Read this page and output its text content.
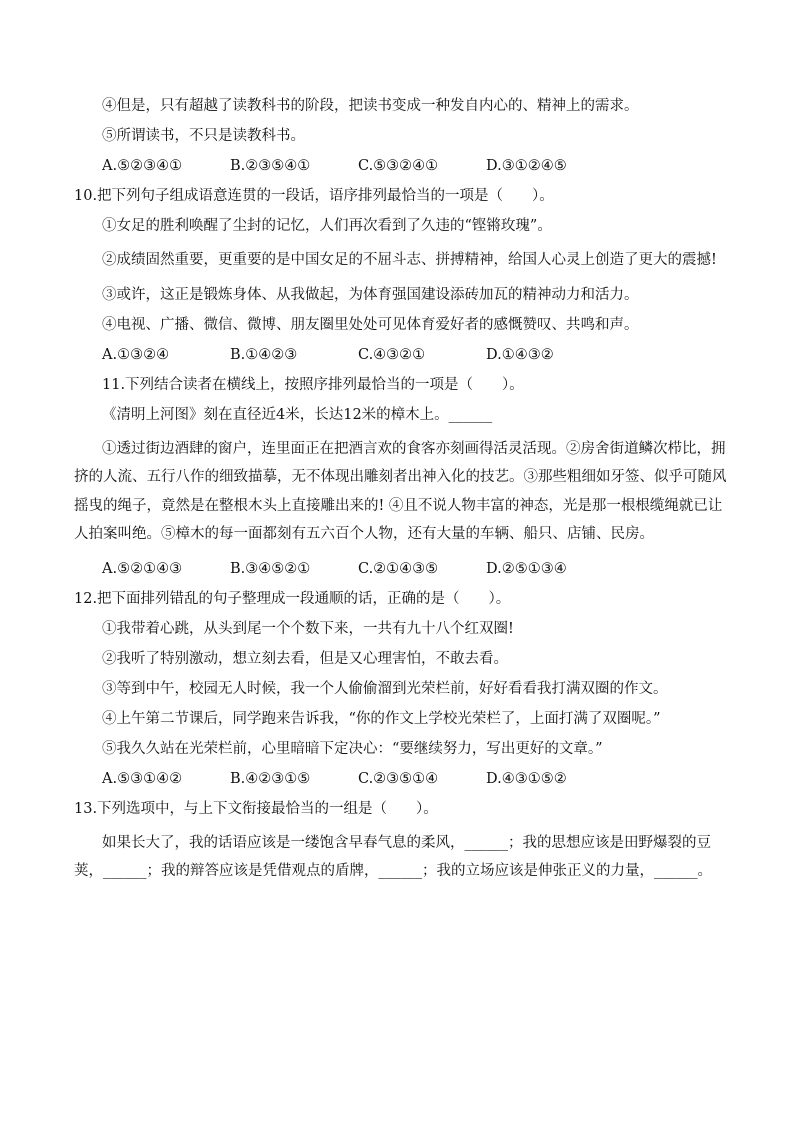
④但是，只有超越了读教科书的阶段，把读书变成一种发自内心的、精神上的需求。
⑤所谓读书，不只是读教科书。
A.⑤②③④①	B.②③⑤④①	C.⑤③②④①	D.③①②④⑤
10.把下列句子组成语意连贯的一段话，语序排列最恰当的一项是（　　）。
①女足的胜利唤醒了尘封的记忆，人们再次看到了久违的“铿锵玫瑰”。
②成绩固然重要，更重要的是中国女足的不屈斗志、拼搏精神，给国人心灵上创造了更大的震撼!
③或许，这正是锻炼身体、从我做起，为体育强国建设添砖加瓦的精神动力和活力。
④电视、广播、微信、微博、朋友圈里处处可见体育爱好者的感慨赞叹、共鸣和声。
A.①③②④	B.①④②③	C.④③②①	D.①④③②
11.下列结合读者在横线上，按照序排列最恰当的一项是（　　）。
《清明上河图》刻在直径近4米，长达12米的樟木上。______
①透过街边酒肆的窗户，连里面正在把酒言欢的食客亦刻画得活灵活现。②房舍街道鳞次栉比，拥挤的人流、五行八作的细致描摹，无不体现出雕刻者出神入化的技艺。③那些粗细如牙签、似乎可随风摇曳的绳子，竟然是在整根木头上直接雕出来的! ④且不说人物丰富的神态，光是那一根根缆绳就已让人拍案叫绝。⑤樟木的每一面都刻有五六百个人物，还有大量的车辆、船只、店铺、民房。
A.⑤②①④③	B.③④⑤②①	C.②①④③⑤	D.②⑤①③④
12.把下面排列错乱的句子整理成一段通顺的话，正确的是（　　）。
①我带着心跳，从头到尾一个个数下来，一共有九十八个红双圈!
②我听了特别激动，想立刻去看，但是又心理害怕，不敢去看。
③等到中午，校园无人时候，我一个人偷偷溜到光荣栏前，好好看看我打满双圈的作文。
④上午第二节课后，同学跑来告诉我，“你的作文上学校光荣栏了，上面打满了双圈呢。”
⑤我久久站在光荣栏前，心里暗暗下定决心：“要继续努力，写出更好的文章。”
A.⑤③①④②	B.④②③①⑤	C.②③⑤①④	D.④③①⑤②
13.下列选项中，与上下文衔接最恰当的一组是（　　）。
如果长大了，我的话语应该是一缕饱含早春气息的柔风，______；我的思想应该是田野爆裂的豆荚，______；我的辩答应该是凭借观点的盾牌，______；我的立场应该是伸张正义的力量，______。
